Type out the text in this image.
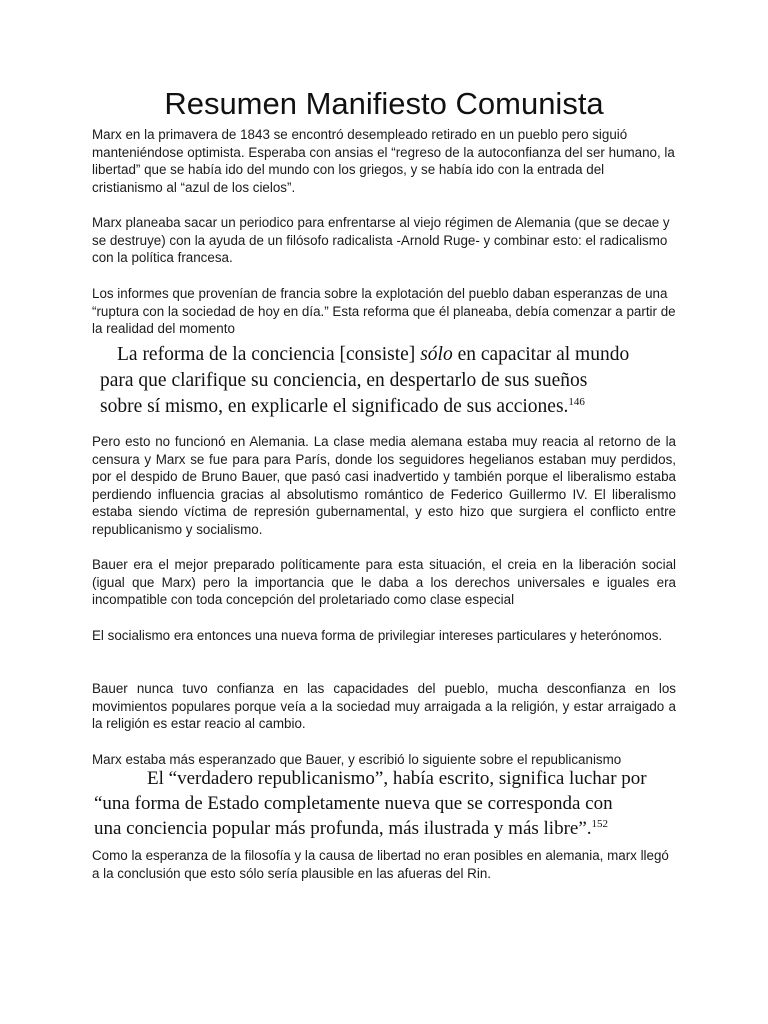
Resumen Manifiesto Comunista

Marx en la primavera de 1843 se encontró desempleado retirado en un pueblo pero siguió manteniéndose optimista. Esperaba con ansias el “regreso de la autoconfianza del ser humano, la libertad” que se había ido del mundo con los griegos, y se había ido con la entrada del cristianismo al “azul de los cielos”.

Marx planeaba sacar un periodico para enfrentarse al viejo régimen de Alemania (que se decae y se destruye) con la ayuda de un filósofo radicalista -Arnold Ruge- y combinar esto: el radicalismo con la política francesa.

Los informes que provenían de francia sobre la explotación del pueblo daban esperanzas de una “ruptura con la sociedad de hoy en día.” Esta reforma que él planeaba, debía comenzar a partir de la realidad del momento

La reforma de la conciencia [consiste] sólo en capacitar al mundo
para que clarifique su conciencia, en despertarlo de sus sueños
sobre sí mismo, en explicarle el significado de sus acciones.$^{146}$

Pero esto no funcionó en Alemania. La clase media alemana estaba muy reacia al retorno de la censura y Marx se fue para para París, donde los seguidores hegelianos estaban muy perdidos, por el despido de Bruno Bauer, que pasó casi inadvertido y también porque el liberalismo estaba perdiendo influencia gracias al absolutismo romántico de Federico Guillermo IV. El liberalismo estaba siendo víctima de represión gubernamental, y esto hizo que surgiera el conflicto entre republicanismo y socialismo.

Bauer era el mejor preparado políticamente para esta situación, el creia en la liberación social (igual que Marx) pero la importancia que le daba a los derechos universales e iguales era incompatible con toda concepción del proletariado como clase especial

El socialismo era entonces una nueva forma de privilegiar intereses particulares y heterónomos.

Bauer nunca tuvo confianza en las capacidades del pueblo, mucha desconfianza en los movimientos populares porque veía a la sociedad muy arraigada a la religión, y estar arraigado a la religión es estar reacio al cambio.

Marx estaba más esperanzado que Bauer, y escribió lo siguiente sobre el republicanismo

El “verdadero republicanismo”, había escrito, significa luchar por
“una forma de Estado completamente nueva que se corresponda con
una conciencia popular más profunda, más ilustrada y más libre”.$^{152}$

Como la esperanza de la filosofía y la causa de libertad no eran posibles en alemania, marx llegó a la conclusión que esto sólo sería plausible en las afueras del Rin.
